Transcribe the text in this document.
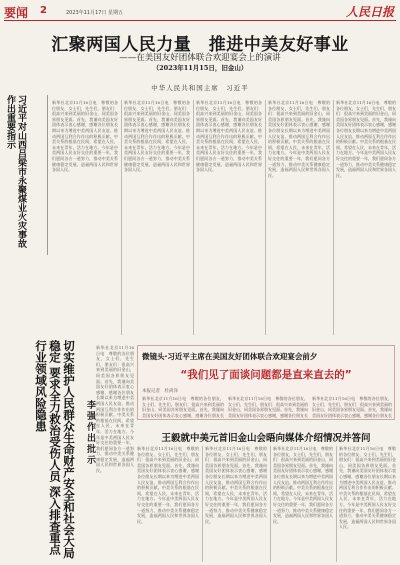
要闻 2	2023年11月17日 星期五	人民日报
汇聚两国人民力量　推进中美友好事业
——在美国友好团体联合欢迎宴会上的演讲
（2023年11月15日，旧金山）
中华人民共和国主席　习近平
习近平对山西吕梁市永聚煤业火灾事故作出重要指示	新华社北京11月16日电　尊敬的各位朋友，女士们，先生们，朋友们：很高兴来到美丽的旧金山，同美国各界朋友见面。首先，我谨向美国友好团体表示衷心感谢，感谢各位朋友长期以来为增进中美两国人民友谊、推动两国互利合作作出的积极贡献。中美关系的根基在民间，希望在人民，未来在青年，活力在地方。今年是中美两国人民友好交往的重要一年，我们愿同各方一道努力，推动中美关系健康稳定发展，造福两国人民和世界各国人民。
新华社北京11月16日电　尊敬的各位朋友，女士们，先生们，朋友们：很高兴来到美丽的旧金山，同美国各界朋友见面。首先，我谨向美国友好团体表示衷心感谢，感谢各位朋友长期以来为增进中美两国人民友谊、推动两国互利合作作出的积极贡献。中美关系的根基在民间，希望在人民，未来在青年，活力在地方。今年是中美两国人民友好交往的重要一年，我们愿同各方一道努力，推动中美关系健康稳定发展，造福两国人民和世界各国人民。
新华社北京11月16日电　尊敬的各位朋友，女士们，先生们，朋友们：很高兴来到美丽的旧金山，同美国各界朋友见面。首先，我谨向美国友好团体表示衷心感谢，感谢各位朋友长期以来为增进中美两国人民友谊、推动两国互利合作作出的积极贡献。中美关系的根基在民间，希望在人民，未来在青年，活力在地方。今年是中美两国人民友好交往的重要一年，我们愿同各方一道努力，推动中美关系健康稳定发展，造福两国人民和世界各国人民。
新华社北京11月16日电　尊敬的各位朋友，女士们，先生们，朋友们：很高兴来到美丽的旧金山，同美国各界朋友见面。首先，我谨向美国友好团体表示衷心感谢，感谢各位朋友长期以来为增进中美两国人民友谊、推动两国互利合作作出的积极贡献。中美关系的根基在民间，希望在人民，未来在青年，活力在地方。今年是中美两国人民友好交往的重要一年，我们愿同各方一道努力，推动中美关系健康稳定发展，造福两国人民和世界各国人民。
新华社北京11月16日电　尊敬的各位朋友，女士们，先生们，朋友们：很高兴来到美丽的旧金山，同美国各界朋友见面。首先，我谨向美国友好团体表示衷心感谢，感谢各位朋友长期以来为增进中美两国人民友谊、推动两国互利合作作出的积极贡献。中美关系的根基在民间，希望在人民，未来在青年，活力在地方。今年是中美两国人民友好交往的重要一年，我们愿同各方一道努力，推动中美关系健康稳定发展，造福两国人民和世界各国人民。
切实维护人民群众生命财产安全和社会大局稳定 要求全力救治受伤人员 深入排查重点行业领域风险隐患
李强作出批示
新华社北京11月16日电　尊敬的各位朋友，女士们，先生们，朋友们：很高兴来到美丽的旧金山，同美国各界朋友见面。首先，我谨向美国友好团体表示衷心感谢，感谢各位朋友长期以来为增进中美两国人民友谊、推动两国互利合作作出的积极贡献。中美关系的根基在民间，希望在人民，未来在青年，活力在地方。今年是中美两国人民友好交往的重要一年，我们愿同各方一道努力，推动中美关系健康稳定发展，造福两国人民和世界各国人民。
微镜头·习近平主席在美国友好团体联合欢迎宴会前夕
“我们见了面谈问题都是直来直去的”
本报记者　杜尚泽
新华社北京11月16日电　尊敬的各位朋友，女士们，先生们，朋友们：很高兴来到美丽的旧金山，同美国各界朋友见面。首先，我谨向美国友好团体表示衷心感谢，感谢各位朋友长
新华社北京11月16日电　尊敬的各位朋友，女士们，先生们，朋友们：很高兴来到美丽的旧金山，同美国各界朋友见面。首先，我谨向美国友好团体表示衷心感谢，感谢各位朋友长
新华社北京11月16日电　尊敬的各位朋友，女士们，先生们，朋友们：很高兴来到美丽的旧金山，同美国各界朋友见面。首先，我谨向美国友好团体表示衷心感谢，感谢各位朋友长
王毅就中美元首旧金山会晤向媒体介绍情况并答问
新华社北京11月16日电　尊敬的各位朋友，女士们，先生们，朋友们：很高兴来到美丽的旧金山，同美国各界朋友见面。首先，我谨向美国友好团体表示衷心感谢，感谢各位朋友长期以来为增进中美两国人民友谊、推动两国互利合作作出的积极贡献。中美关系的根基在民间，希望在人民，未来在青年，活力在地方。今年是中美两国人民友好交往的重要一年，我们愿同各方一道努力，推动中美关系健康稳定发展，造福两国人民和世界各国人民。
新华社北京11月16日电　尊敬的各位朋友，女士们，先生们，朋友们：很高兴来到美丽的旧金山，同美国各界朋友见面。首先，我谨向美国友好团体表示衷心感谢，感谢各位朋友长期以来为增进中美两国人民友谊、推动两国互利合作作出的积极贡献。中美关系的根基在民间，希望在人民，未来在青年，活力在地方。今年是中美两国人民友好交往的重要一年，我们愿同各方一道努力，推动中美关系健康稳定发展，造福两国人民和世界各国人民。
新华社北京11月16日电　尊敬的各位朋友，女士们，先生们，朋友们：很高兴来到美丽的旧金山，同美国各界朋友见面。首先，我谨向美国友好团体表示衷心感谢，感谢各位朋友长期以来为增进中美两国人民友谊、推动两国互利合作作出的积极贡献。中美关系的根基在民间，希望在人民，未来在青年，活力在地方。今年是中美两国人民友好交往的重要一年，我们愿同各方一道努力，推动中美关系健康稳定发展，造福两国人民和世界各国人民。
新华社北京11月16日电　尊敬的各位朋友，女士们，先生们，朋友们：很高兴来到美丽的旧金山，同美国各界朋友见面。首先，我谨向美国友好团体表示衷心感谢，感谢各位朋友长期以来为增进中美两国人民友谊、推动两国互利合作作出的积极贡献。中美关系的根基在民间，希望在人民，未来在青年，活力在地方。今年是中美两国人民友好交往的重要一年，我们愿同各方一道努力，推动中美关系健康稳定发展，造福两国人民和世界各国人民。
